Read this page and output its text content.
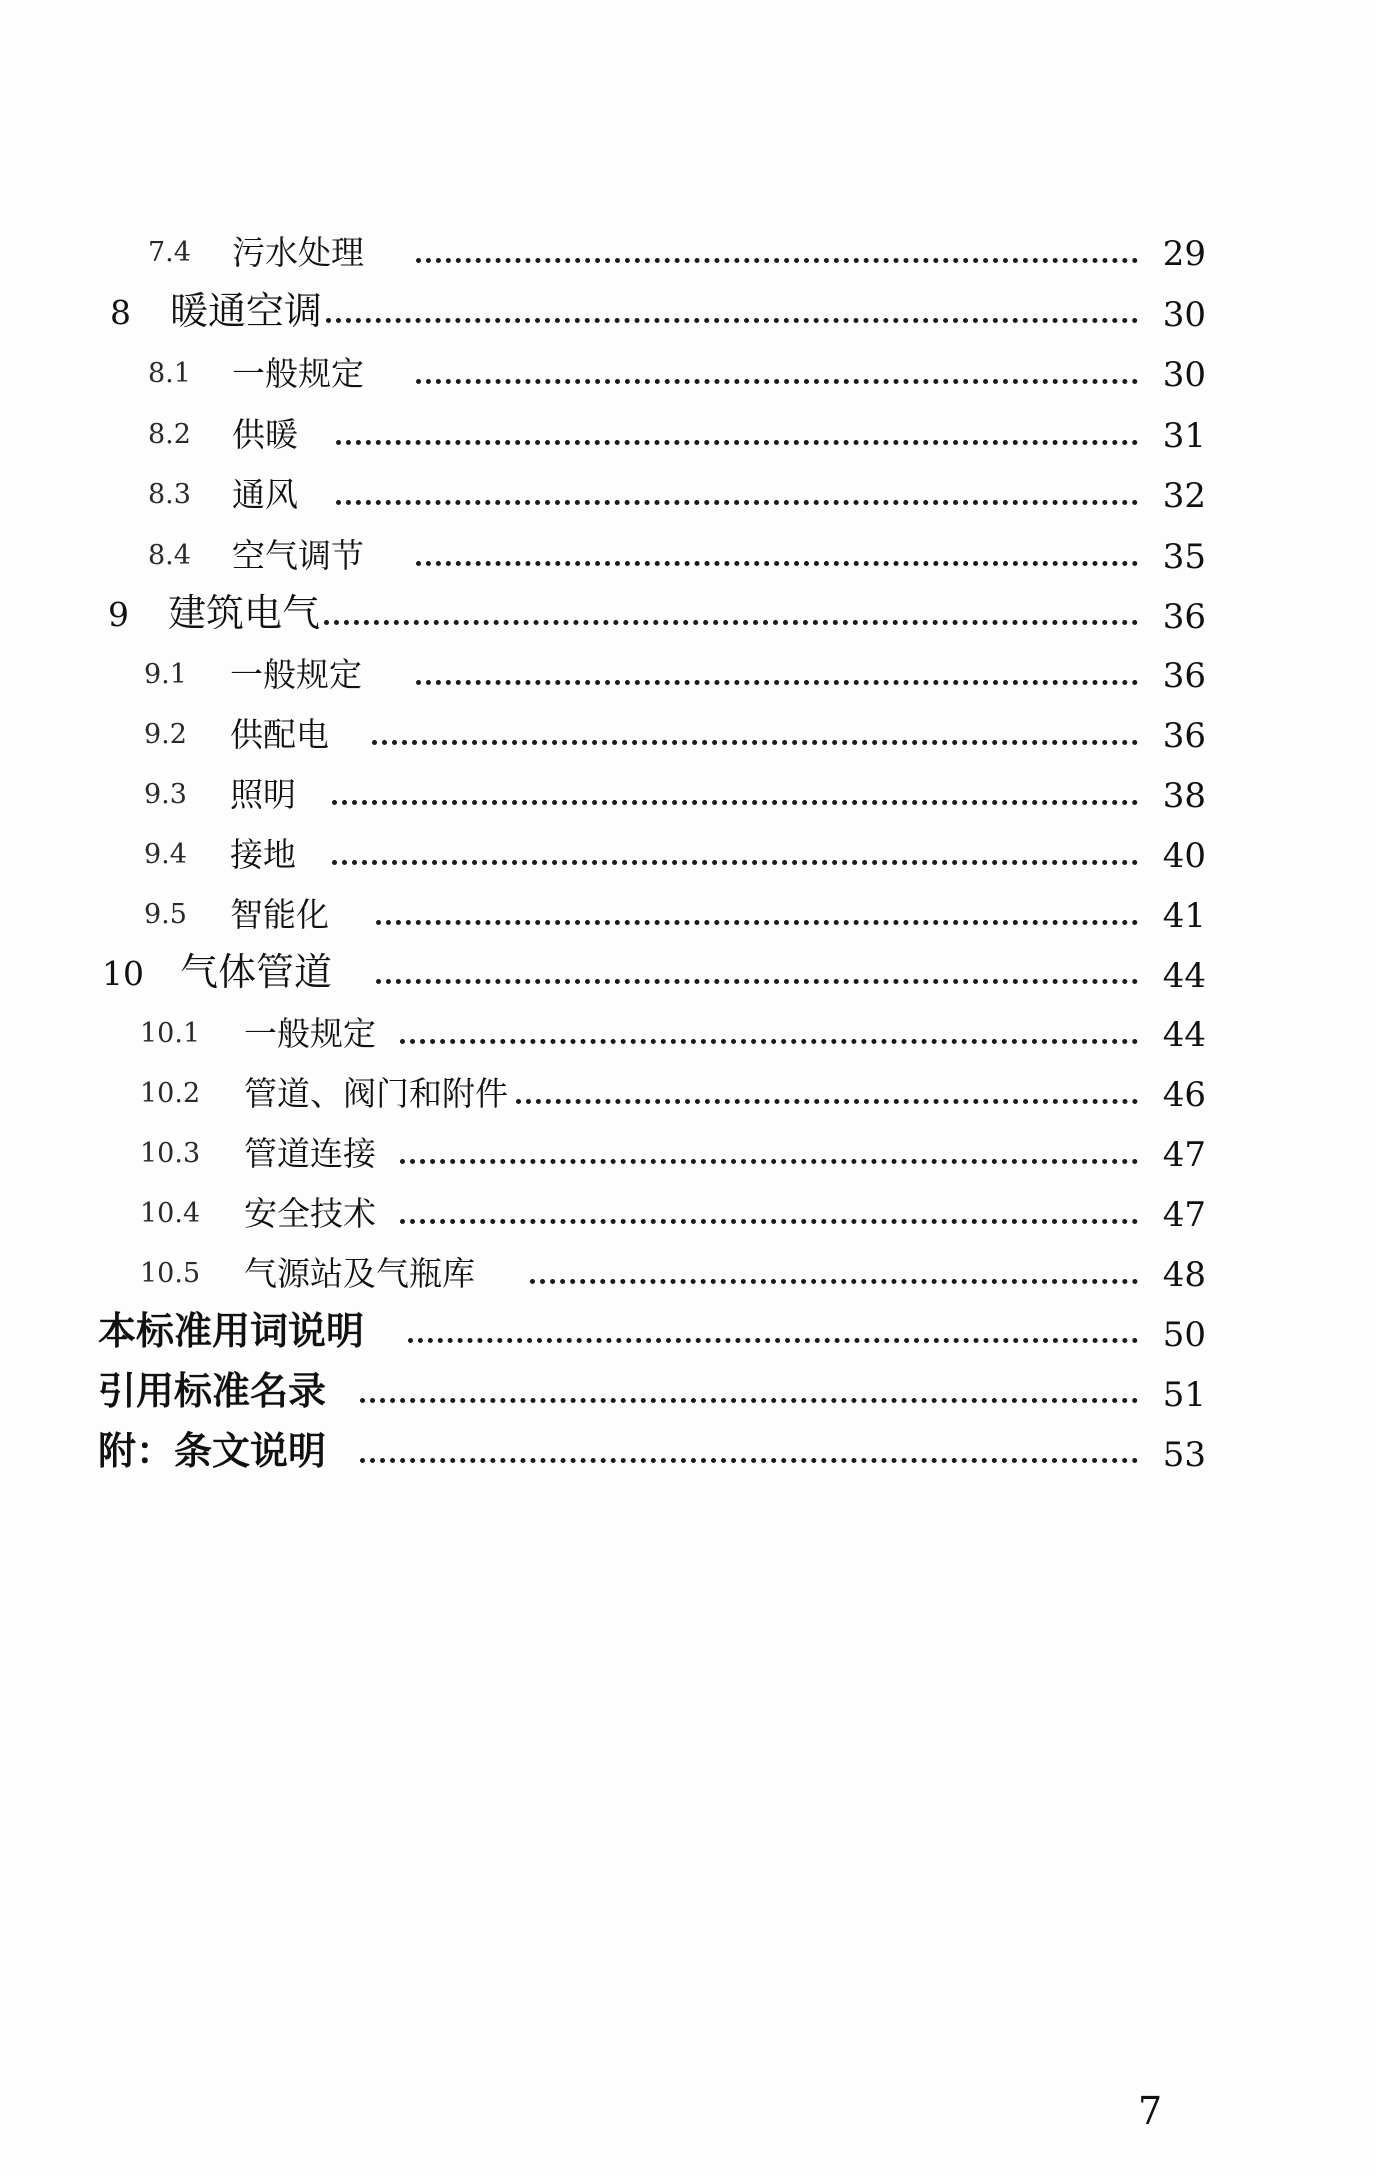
7.4 污水处理	29
8 暖通空调	30
8.1 一般规定	30
8.2 供暖	31
8.3 通风	32
8.4 空气调节	35
9 建筑电气	36
9.1 一般规定	36
9.2 供配电	36
9.3 照明	38
9.4 接地	40
9.5 智能化	41
10 气体管道	44
10.1 一般规定	44
10.2 管道、阀门和附件	46
10.3 管道连接	47
10.4 安全技术	47
10.5 气源站及气瓶库	48
本标准用词说明	50
引用标准名录	51
附：条文说明	53
7
